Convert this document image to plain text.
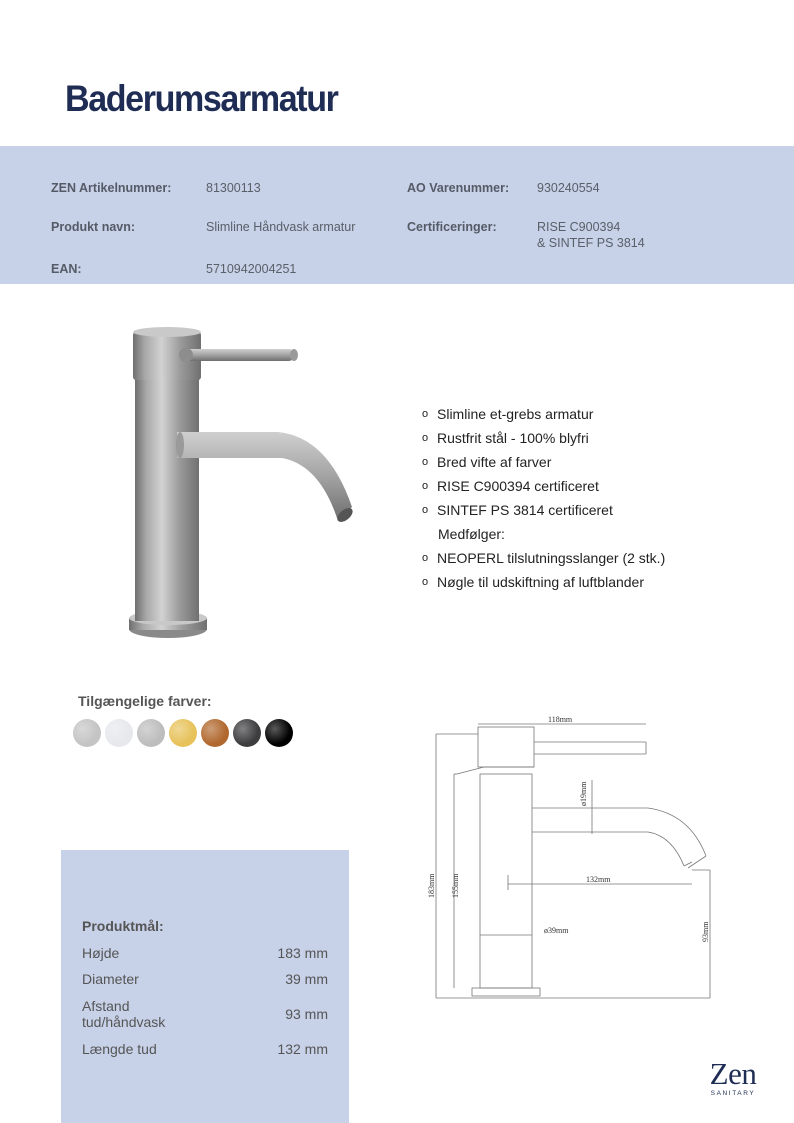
Baderumsarmatur
ZEN Artikelnummer:	81300113	AO Varenummer: 930240554
Produkt navn:	Slimline Håndvask armatur	Certificeringer:	RISE C900394
& SINTEF PS 3814
EAN:	5710942004251
o Slimline et-grebs armatur
o Rustfrit stål - 100% blyfri
o Bred vifte af farver
o RISE C900394 certificeret
o SINTEF PS 3814 certificeret
Medfølger:
o NEOPERL tilslutningsslanger (2 stk.)
o Nøgle til udskiftning af luftblander
Tilgængelige farver:
Produktmål:
Højde	183 mm
Diameter	39 mm
Afstand
tud/håndvask	93 mm
Længde tud	132 mm
118mm
ø19mm
132mm
183mm 155mm
ø39mm	93mm
Zen
SANITARY
